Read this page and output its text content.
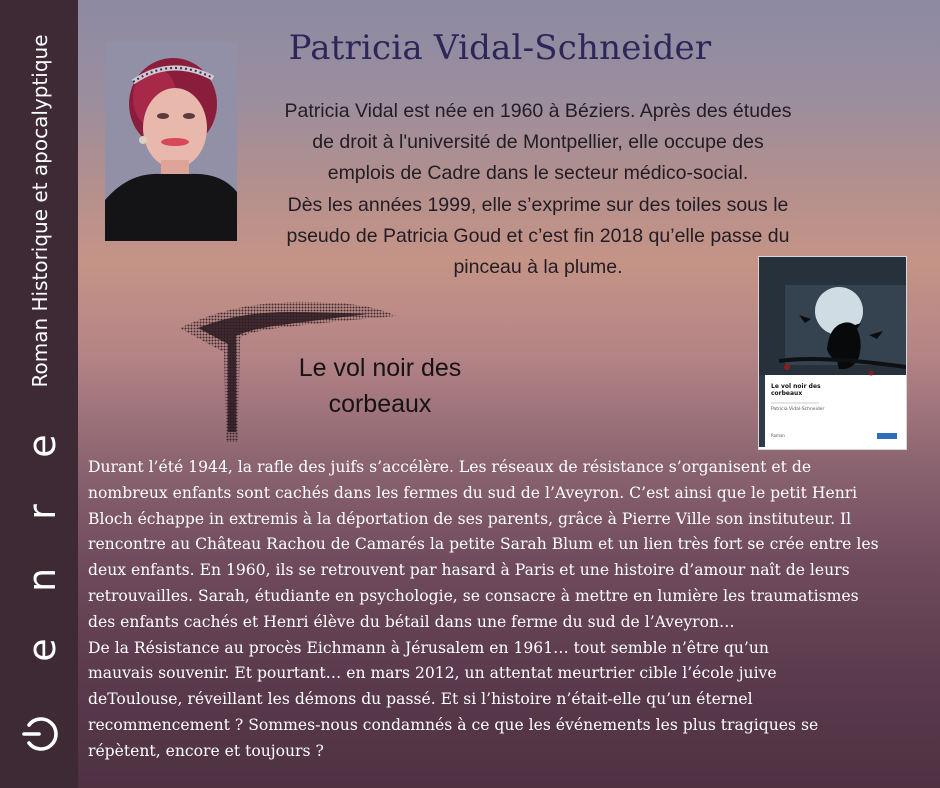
e
r
n
e
Roman Historique et apocalyptique	Patricia Vidal-Schneider

Patricia Vidal est née en 1960 à Béziers. Après des études

de droit à l'université de Montpellier, elle occupe des

emplois de Cadre dans le secteur médico-social.

Dès les années 1999, elle s’exprime sur des toiles sous le

pseudo de Patricia Goud et c’est fin 2018 qu’elle passe du

pinceau à la plume.

Le vol noir des
corbeaux
Le vol noir des corbeaux
Patricia Vidal-Schneider
Roman

Durant l’été 1944, la rafle des juifs s’accélère. Les réseaux de résistance s’organisent et de

nombreux enfants sont cachés dans les fermes du sud de l’Aveyron. C’est ainsi que le petit Henri

Bloch échappe in extremis à la déportation de ses parents, grâce à Pierre Ville son instituteur. Il

rencontre au Château Rachou de Camarés la petite Sarah Blum et un lien très fort se crée entre les

deux enfants. En 1960, ils se retrouvent par hasard à Paris et une histoire d’amour naît de leurs

retrouvailles. Sarah, étudiante en psychologie, se consacre à mettre en lumière les traumatismes

des enfants cachés et Henri élève du bétail dans une ferme du sud de l’Aveyron…

De la Résistance au procès Eichmann à Jérusalem en 1961… tout semble n’être qu’un

mauvais souvenir. Et pourtant… en mars 2012, un attentat meurtrier cible l’école juive

deToulouse, réveillant les démons du passé. Et si l’histoire n’était-elle qu’un éternel

recommencement ? Sommes-nous condamnés à ce que les événements les plus tragiques se

répètent, encore et toujours ?
